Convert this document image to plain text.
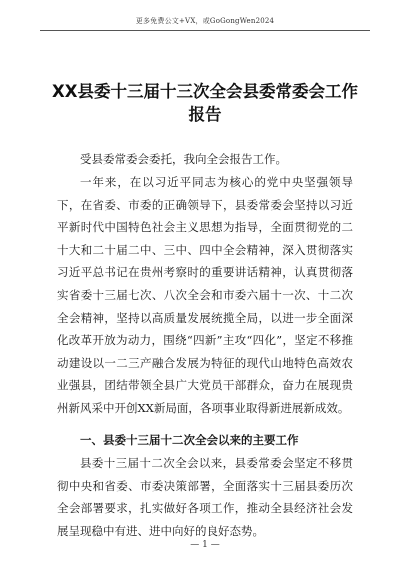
更多免费公文+VX，或GoGongWen2024
XX县委十三届十三次全会县委常委会工作报告

受县委常委会委托，我向全会报告工作。

一年来，在以习近平同志为核心的党中央坚强领导下，在省委、市委的正确领导下，县委常委会坚持以习近平新时代中国特色社会主义思想为指导，全面贯彻党的二十大和二十届二中、三中、四中全会精神，深入贯彻落实习近平总书记在贵州考察时的重要讲话精神，认真贯彻落实省委十三届七次、八次全会和市委六届十一次、十二次全会精神，坚持以高质量发展统揽全局，以进一步全面深化改革开放为动力，围绕“四新”主攻“四化”，坚定不移推动建设以一二三产融合发展为特征的现代山地特色高效农业强县，团结带领全县广大党员干部群众，奋力在展现贵州新风采中开创XX新局面，各项事业取得新进展新成效。

一、县委十三届十二次全会以来的主要工作

县委十三届十二次全会以来，县委常委会坚定不移贯彻中央和省委、市委决策部署，全面落实十三届县委历次全会部署要求，扎实做好各项工作，推动全县经济社会发展呈现稳中有进、进中向好的良好态势。

— 1 —
